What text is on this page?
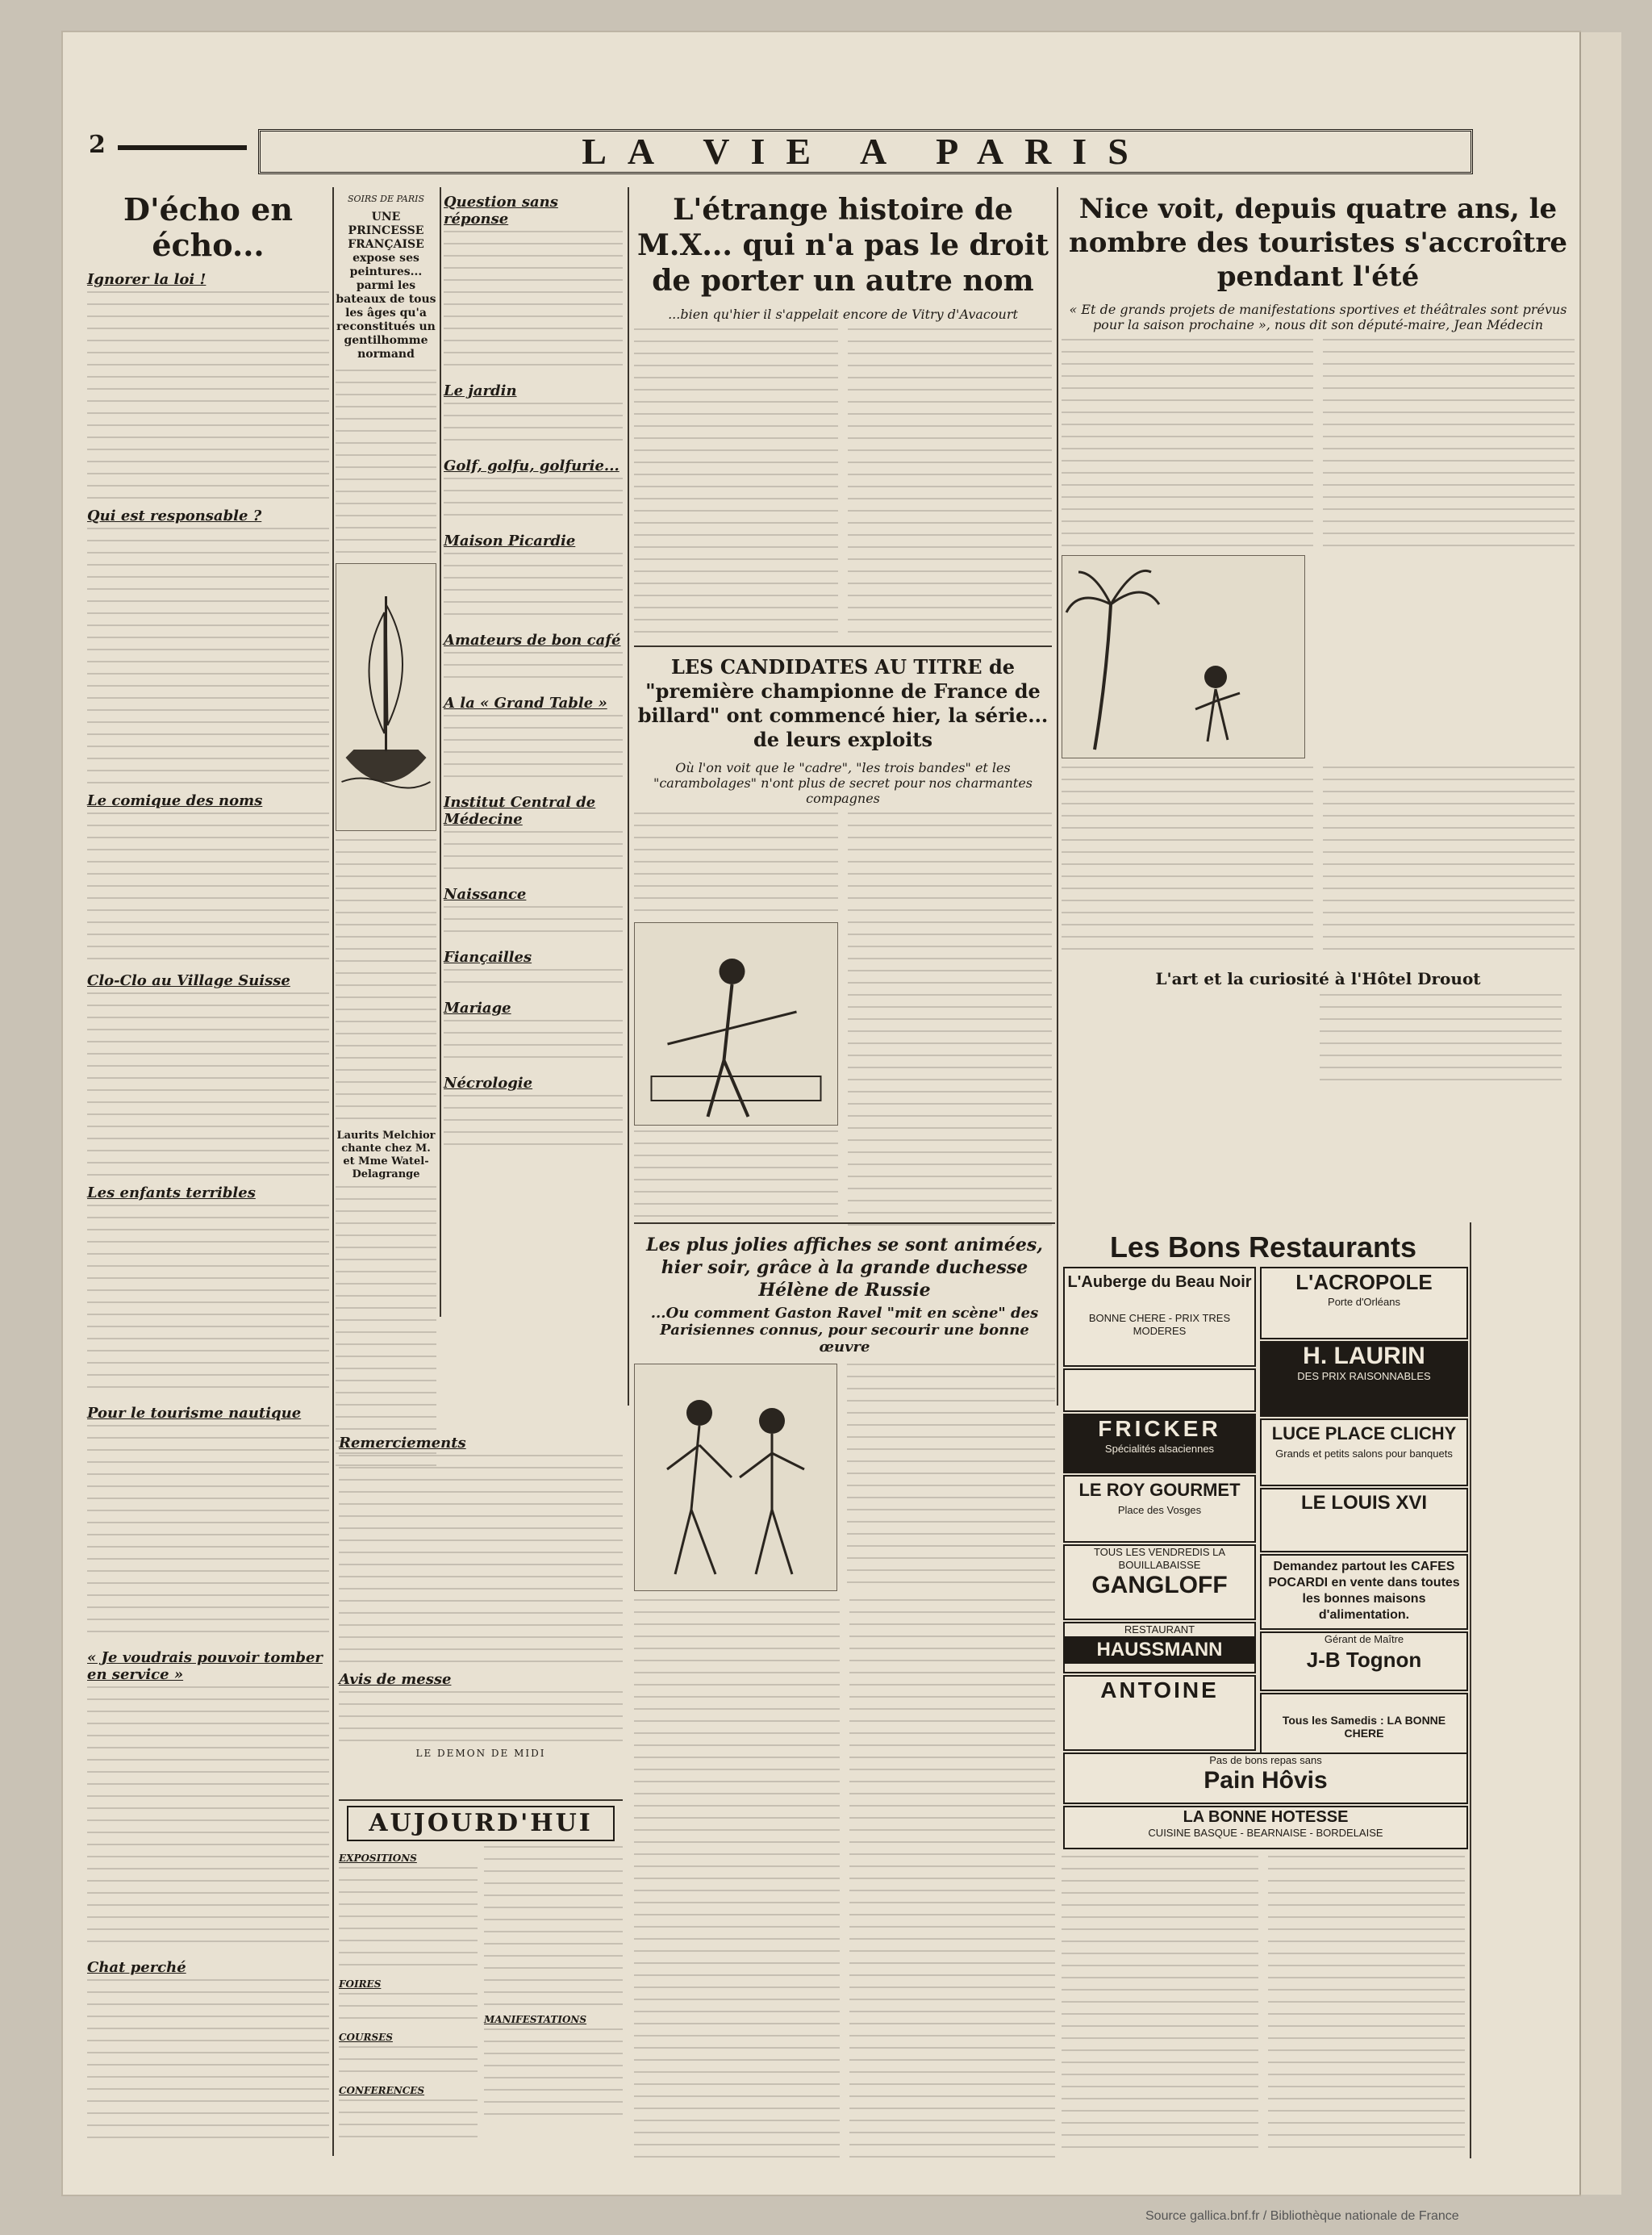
2	LA VIE A PARIS
D'écho en écho...
Ignorer la loi !
Qui est responsable ?
Le comique des noms
Clo-Clo au Village Suisse
Les enfants terribles
Pour le tourisme nautique
« Je voudrais pouvoir tomber en service »
Chat perché
Question sans réponse
Le jardin
Golf, golfu, golfurie...
Maison Picardie
Amateurs de bon café
A la « Grand Table »
Institut Central de Médecine
Naissance
Fiançailles
Mariage
Nécrologie
Remerciements
Avis de messe
LE DEMON DE MIDI
SOIRS DE PARIS
UNE PRINCESSE FRANÇAISE expose ses peintures... parmi les bateaux de tous les âges qu'a reconstitués un gentilhomme normand
Laurits Melchior chante chez M. et Mme Watel-Delagrange
L'étrange histoire de M.X... qui n'a pas le droit de porter un autre nom
...bien qu'hier il s'appelait encore de Vitry d'Avacourt
Nice voit, depuis quatre ans, le nombre des touristes s'accroître pendant l'été
« Et de grands projets de manifestations sportives et théâtrales sont prévus pour la saison prochaine », nous dit son député-maire, Jean Médecin
L'art et la curiosité à l'Hôtel Drouot
LES CANDIDATES AU TITRE de "première championne de France de billard" ont commencé hier, la série... de leurs exploits
Où l'on voit que le "cadre", "les trois bandes" et les "carambolages" n'ont plus de secret pour nos charmantes compagnes
Les Bons Restaurants
L'Auberge du Beau Noir
BONNE CHERE - PRIX TRES MODERES
L'ACROPOLE
Porte d'Orléans
H. LAURIN
DES PRIX RAISONNABLES
FRICKER
Spécialités alsaciennes
LUCE PLACE CLICHY
Grands et petits salons pour banquets
LE ROY GOURMET
Place des Vosges	LE LOUIS XVI
TOUS LES VENDREDIS LA BOUILLABAISSE
GANGLOFF
Demandez partout les CAFES POCARDI en vente dans toutes les bonnes maisons d'alimentation.
RESTAURANT
HAUSSMANN	Gérant de Maître
J-B Tognon
ANTOINE
Tous les Samedis : LA BONNE CHERE
Pas de bons repas sans
Pain Hôvis
LA BONNE HOTESSE
CUISINE BASQUE - BEARNAISE - BORDELAISE
AUJOURD'HUI
EXPOSITIONS
FOIRES
COURSES
CONFERENCES
MANIFESTATIONS
Les plus jolies affiches se sont animées, hier soir, grâce à la grande duchesse Hélène de Russie
...Ou comment Gaston Ravel "mit en scène" des Parisiennes connus, pour secourir une bonne œuvre
Source gallica.bnf.fr / Bibliothèque nationale de France
